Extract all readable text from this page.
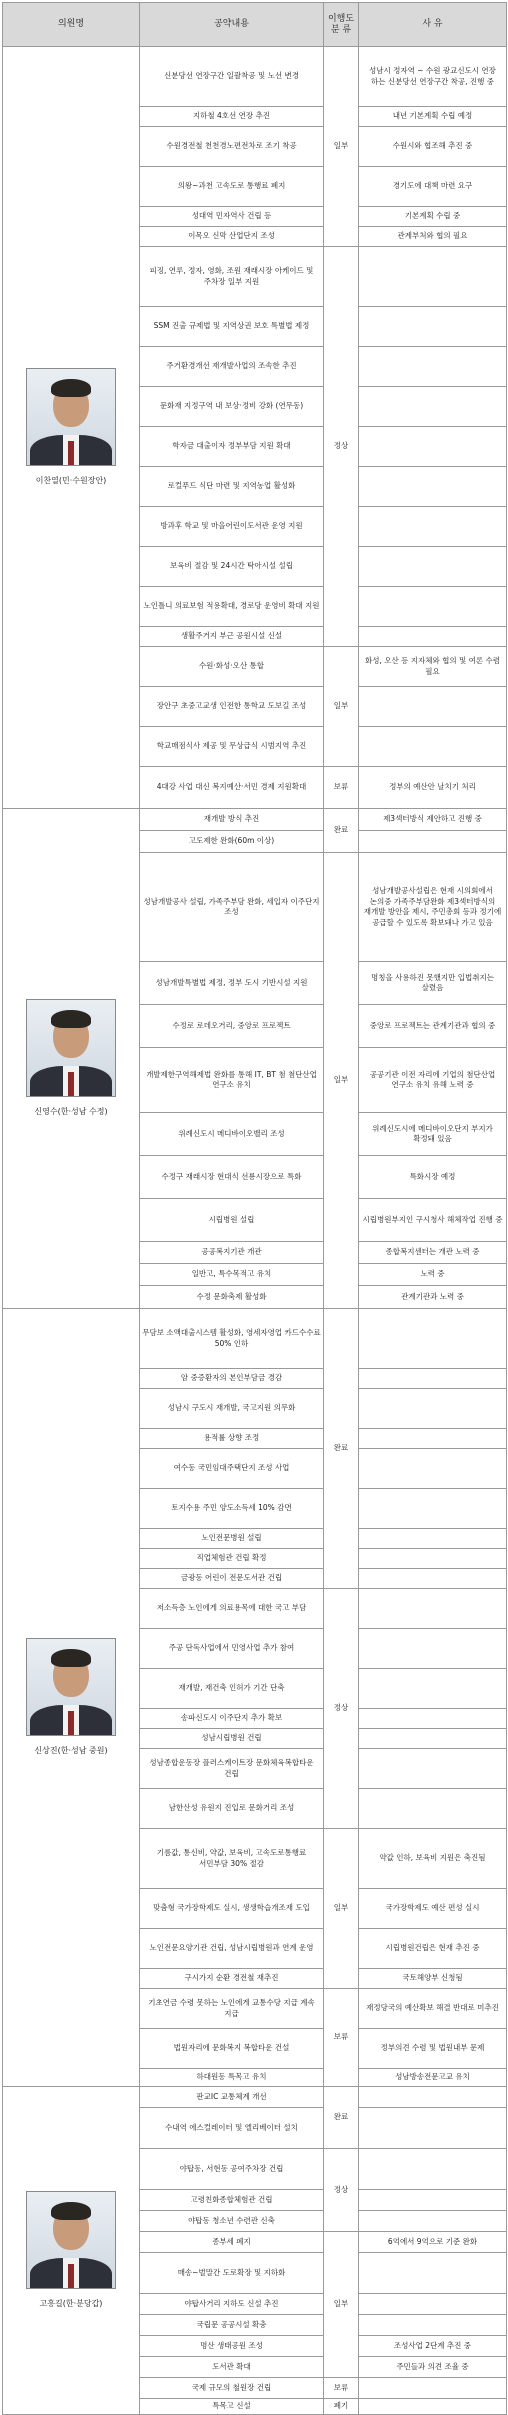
의원명	공약내용
이행도 분 류
사 유
이찬열(민·수원장안)
신분당선 연장구간 일괄착공 및 노선 변경
지하철 4호선 연장 추진
수원경전철 천천경노편전차로 조기 착공
의왕~과천 고속도로 통행료 폐지
성대역 민자역사 건립 등
이목오 신막 산업단지 조성
피징, 연루, 정자, 영화, 조원 재래시장 아케이드 및 주차장 일부 지원
SSM 진출 규제법 및 지역상권 보호 특별법 제정
주거환경개선 재개발사업의 조속한 추진
문화재 지정구역 내 보상·정비 강화 (연무동)
학자금 대출이자 정부부담 지원 확대
로컬푸드 식단 마련 및 지역농업 활성화
방과후 학교 및 마을어린이도서관 운영 지원
보육비 절감 및 24시간 탁아시설 설립
노인틀니 의료보험 적용확대, 경로당 운영비 확대 지원
생활주거지 부근 공원시설 신설
수원·화성·오산 통합
장안구 초중고교생 인전한 통학교 도보길 조성
학교매점식사 제공 및 무상급식 시범지역 추진
4대강 사업 대신 복지예산·서민 경제 지원확대
일부
정상
일부
보류
성남시 정자역 ~ 수원 광교신도시 연장 하는 신분당선 연장구간 착공, 진행 중
내년 기본계획 수립 예정
수원시와 협조해 추진 중
경기도에 대책 마련 요구
기본계획 수립 중
관계부처와 협의 필요
화성, 오산 등 지자체와 협의 및 여론 수렴 필요
정부의 예산안 날치기 처리
신영수(한·성남 수정)
재개발 방식 추진
고도제한 완화(60m 이상)
성남개발공사 설립, 가족주부담 완화, 세입자 이주단지 조성
성남개발특별법 제정, 정부 도시 기반시설 지원
수정로 로데오거리, 중앙로 프로젝트
개발제한구역해제법 완화를 통해 IT, BT 첨 첨단산업 연구소 유치
위례신도시 메디바이오밸리 조성
수정구 재래시장 현대식 선룡시장으로 특화
시립병원 설립
공공복지기관 개관
일반고, 특수목적고 유치
수정 문화축제 활성화
완료
일부
제3섹터방식 제안하고 진행 중
성남개발공사설립은 현재 시의회에서 논의중 가족주부담완화 제3섹터방식의 재개발 방안을 제시, 주민총회 등과 정기에 공급할 수 있도록 확보돼나 가고 있음
명칭을 사용하진 못했지만 입법취지는 살렸음
중앙로 프로젝트는 관계기관과 협의 중
공공기관 이전 자리에 기업의 첨단산업 연구소 유치 유해 노력 중
위례신도시에 메디바이오단지 부지가 확정돼 있음
특화시장 예정
시립병원부지인 구시청사 해체작업 진행 중
종합복지센터는 개관 노력 중
노력 중
관계기관과 노력 중
신상진(한·성남 중원)
무담보 소액대출시스템 활성화, 영세자영업 카드수수료 50% 인하
암 중증환자의 본인부담금 경감
성남시 구도시 재개발, 국고지원 의무화
용적률 상향 조정
여수동 국민임대주택단지 조성 사업
토지수용 주민 양도소득세 10% 감면
노인전문병원 설립
직업체험관 건립 확정
금광동 어린이 전문도서관 건립
저소득층 노인에게 의료용목에 대한 국고 부담
주공 단독사업에서 민영사업 추가 참여
재개발, 재건축 인허가 기간 단축
송파신도시 이주단지 추가 확보
성남시립병원 건립
성남종합운동장 플러스케이트장 문화체육복합타운 건립
남한산성 유원지 진입로 문화거리 조성
기름값, 통신비, 약값, 보육비, 고속도로통행료 서민부담 30% 절감
맞춤형 국가장학제도 실시, 생생학습개조재 도입
노인전문요양기관 건립, 성남시립병원과 연계 운영
구시가지 순환 경전철 재추진
기초연금 수령 못하는 노인에게 교통수당 지급 계속 지급
법원자리에 문화복지 복합타운 건설
하대원동 특목고 유치
완료
정상
일부
보류
약값 인하, 보육비 지원은 축진됨
국가장학제도 예산 편성 실시
시립병원건립은 현재 추진 중
국토해양부 신청됨
재정당국의 예산확보 해결 반대로 미추진
정부의견 수렴 및 법원내부 문제
성남방송전문고교 유치
고흥길(한·분당갑)
판교IC 교통체계 개선
수내역 에스컬레이터 및 엘리베이터 설치
야탑동, 서현동 공여주차장 건립
고령친화종합체험관 건립
야탑동 청소년 수련관 신축
종부세 폐지
매송~벌말간 도로확장 및 지하화
야탑사거리 지하도 신설 추진
국립문 공공시설 확충
명산 생태공원 조성
도서관 확대
국제 규모의 철원장 건립
특목고 신설
완료
정상
일부
보류
폐기
6억에서 9억으로 기준 완화
조성사업 2단계 추진 중
주민들과 의견 조율 중
